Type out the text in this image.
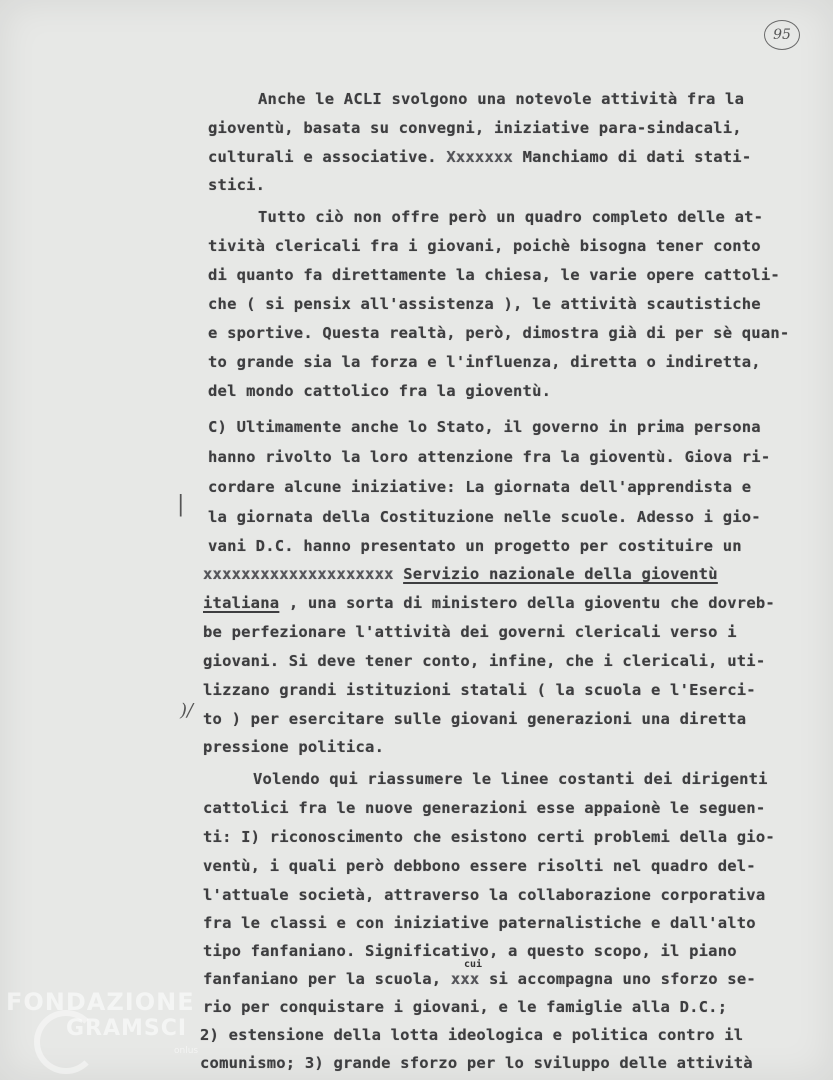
95
Anche le ACLI svolgono una notevole attività fra la
gioventù, basata su convegni, iniziative para-sindacali,
culturali e associative. Xxxxxxx Manchiamo di dati stati-
stici.
Tutto ciò non offre però un quadro completo delle at-
tività clericali fra i giovani, poichè bisogna tener conto
di quanto fa direttamente la chiesa, le varie opere cattoli-
che ( si pensix all'assistenza ), le attività scautistiche
e sportive. Questa realtà, però, dimostra già di per sè quan-
to grande sia la forza e l'influenza, diretta o indiretta,
del mondo cattolico fra la gioventù.
C) Ultimamente anche lo Stato, il governo in prima persona
hanno rivolto la loro attenzione fra la gioventù. Giova ri-
|
cordare alcune iniziative: La giornata dell'apprendista e
la giornata della Costituzione nelle scuole. Adesso i gio-
vani D.C. hanno presentato un progetto per costituire un
xxxxxxxxxxxxxxxxxxxx Servizio nazionale della gioventù
italiana , una sorta di ministero della gioventu che dovreb-
be perfezionare l'attività dei governi clericali verso i
giovani. Si deve tener conto, infine, che i clericali, uti-
lizzano grandi istituzioni statali ( la scuola e l'Eserci-
)/ to ) per esercitare sulle giovani generazioni una diretta
pressione politica.
Volendo qui riassumere le linee costanti dei dirigenti
cattolici fra le nuove generazioni esse appaionè le seguen-
ti: I) riconoscimento che esistono certi problemi della gio-
ventù, i quali però debbono essere risolti nel quadro del-
l'attuale società, attraverso la collaborazione corporativa
fra le classi e con iniziative paternalistiche e dall'alto
tipo fanfaniano. Significativo, a questo scopo, il piano
cui
fanfaniano per la scuola, xxx si accompagna uno sforzo se-
rio per conquistare i giovani, e le famiglie alla D.C.;
2) estensione della lotta ideologica e politica contro il
comunismo; 3) grande sforzo per lo sviluppo delle attività
FONDAZIONE
GRAMSCI
onlus
